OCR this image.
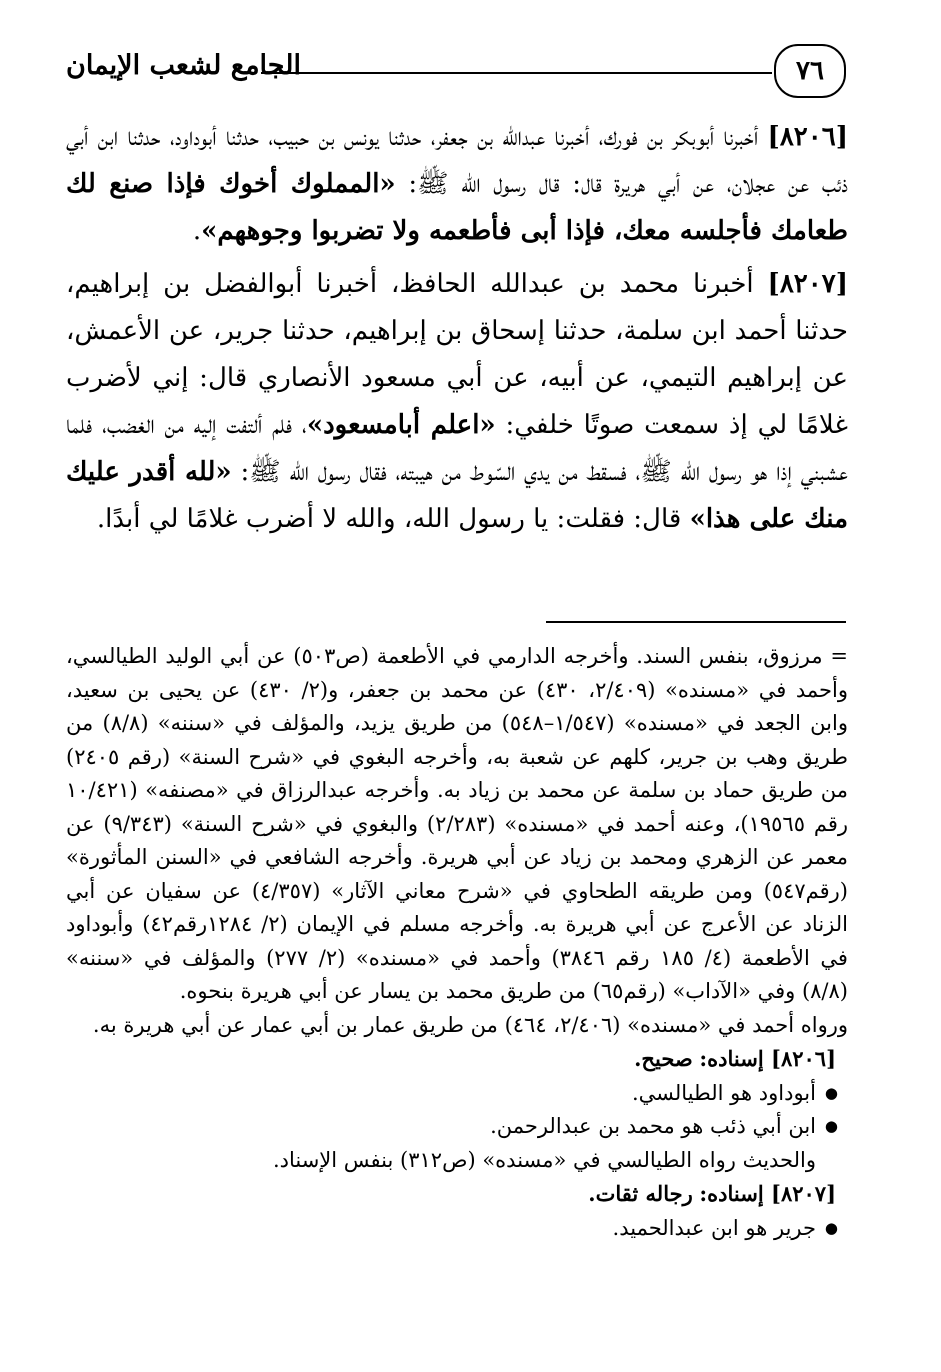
الجامع لشعب الإيمان	٧٦

[٨٢٠٦] أخبرنا أبوبكر بن فورك، أخبرنا عبدالله بن جعفر، حدثنا يونس بن حبيب، حدثنا أبوداود، حدثنا ابن أبي ذئب عن عجلان، عن أبي هريرة قال: قال رسول الله ﷺ: «المملوك أخوك فإذا صنع لك طعامك فأجلسه معك، فإذا أبى فأطعمه ولا تضربوا وجوههم».

[٨٢٠٧] أخبرنا محمد بن عبدالله الحافظ، أخبرنا أبوالفضل بن إبراهيم، حدثنا أحمد ابن سلمة، حدثنا إسحاق بن إبراهيم، حدثنا جرير، عن الأعمش، عن إبراهيم التيمي، عن أبيه، عن أبي مسعود الأنصاري قال: إني لأضرب غلامًا لي إذ سمعت صوتًا خلفي: «اعلم أبامسعود»، فلم ألتفت إليه من الغضب، فلما عشبني إذا هو رسول الله ﷺ، فسقط من يدي السّوط من هيبته، فقال رسول الله ﷺ: «لله أقدر عليك منك على هذا» قال: فقلت: يا رسول الله، والله لا أضرب غلامًا لي أبدًا.

= مرزوق، بنفس السند. وأخرجه الدارمي في الأطعمة (ص٥٠٣) عن أبي الوليد الطيالسي، وأحمد في «مسنده» (٢/٤٠٩، ٤٣٠) عن محمد بن جعفر، و(٢/ ٤٣٠) عن يحيى بن سعيد، وابن الجعد في «مسنده» (١/٥٤٧–٥٤٨) من طريق يزيد، والمؤلف في «سننه» (٨/٨) من طريق وهب بن جرير، كلهم عن شعبة به، وأخرجه البغوي في «شرح السنة» (رقم ٢٤٠٥) من طريق حماد بن سلمة عن محمد بن زياد به. وأخرجه عبدالرزاق في «مصنفه» (١٠/٤٢١ رقم ١٩٥٦٥)، وعنه أحمد في «مسنده» (٢/٢٨٣) والبغوي في «شرح السنة» (٩/٣٤٣) عن معمر عن الزهري ومحمد بن زياد عن أبي هريرة. وأخرجه الشافعي في «السنن المأثورة» (رقم٥٤٧) ومن طريقه الطحاوي في «شرح معاني الآثار» (٤/٣٥٧) عن سفيان عن أبي الزناد عن الأعرج عن أبي هريرة به. وأخرجه مسلم في الإيمان (٢/ ١٢٨٤رقم٤٢) وأبوداود في الأطعمة (٤/ ١٨٥ رقم ٣٨٤٦) وأحمد في «مسنده» (٢/ ٢٧٧) والمؤلف في «سننه» (٨/٨) وفي «الآداب» (رقم٦٥) من طريق محمد بن يسار عن أبي هريرة بنحوه.

ورواه أحمد في «مسنده» (٢/٤٠٦، ٤٦٤) من طريق عمار بن أبي عمار عن أبي هريرة به.

[٨٢٠٦] إسناده: صحيح.

● أبوداود هو الطيالسي.
● ابن أبي ذئب هو محمد بن عبدالرحمن.

والحديث رواه الطيالسي في «مسنده» (ص٣١٢) بنفس الإسناد.

[٨٢٠٧] إسناده: رجاله ثقات.

● جرير هو ابن عبدالحميد.
